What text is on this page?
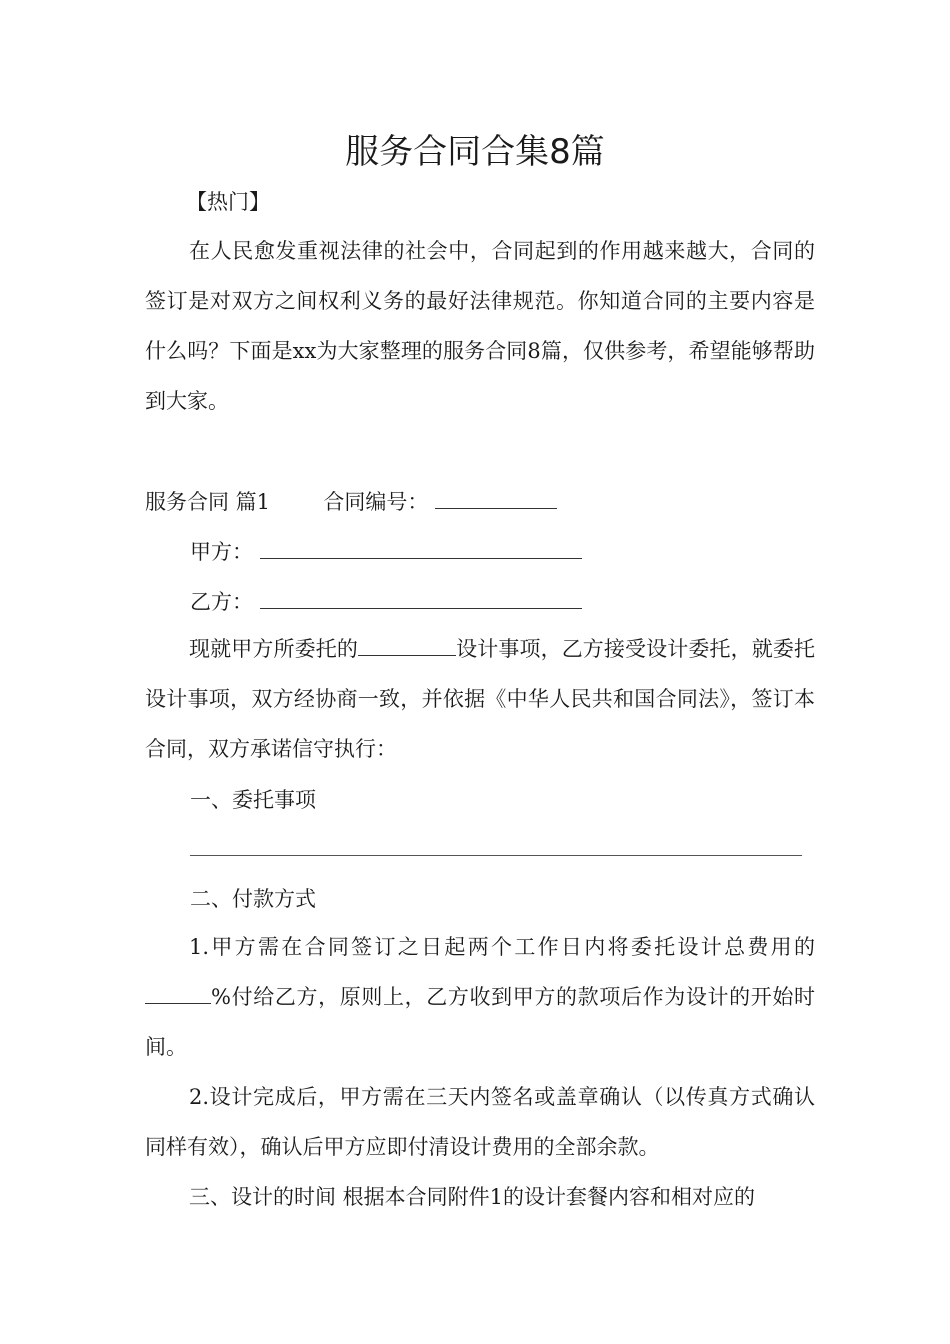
服务合同合集8篇
【热门】
在人民愈发重视法律的社会中，合同起到的作用越来越大，合同的签订是对双方之间权利义务的最好法律规范。你知道合同的主要内容是什么吗？下面是xx为大家整理的服务合同8篇，仅供参考，希望能够帮助到大家。
服务合同 篇1	合同编号：
甲方：
乙方：
现就甲方所委托的	设计事项，乙方接受设计委托，就委托设计事项，双方经协商一致，并依据《中华人民共和国合同法》，签订本合同，双方承诺信守执行：
一、委托事项
二、付款方式
1.甲方需在合同签订之日起两个工作日内将委托设计总费用的%付给乙方，原则上，乙方收到甲方的款项后作为设计的开始时间。
2.设计完成后，甲方需在三天内签名或盖章确认（以传真方式确认同样有效），确认后甲方应即付清设计费用的全部余款。
三、设计的时间 根据本合同附件1的设计套餐内容和相对应的
